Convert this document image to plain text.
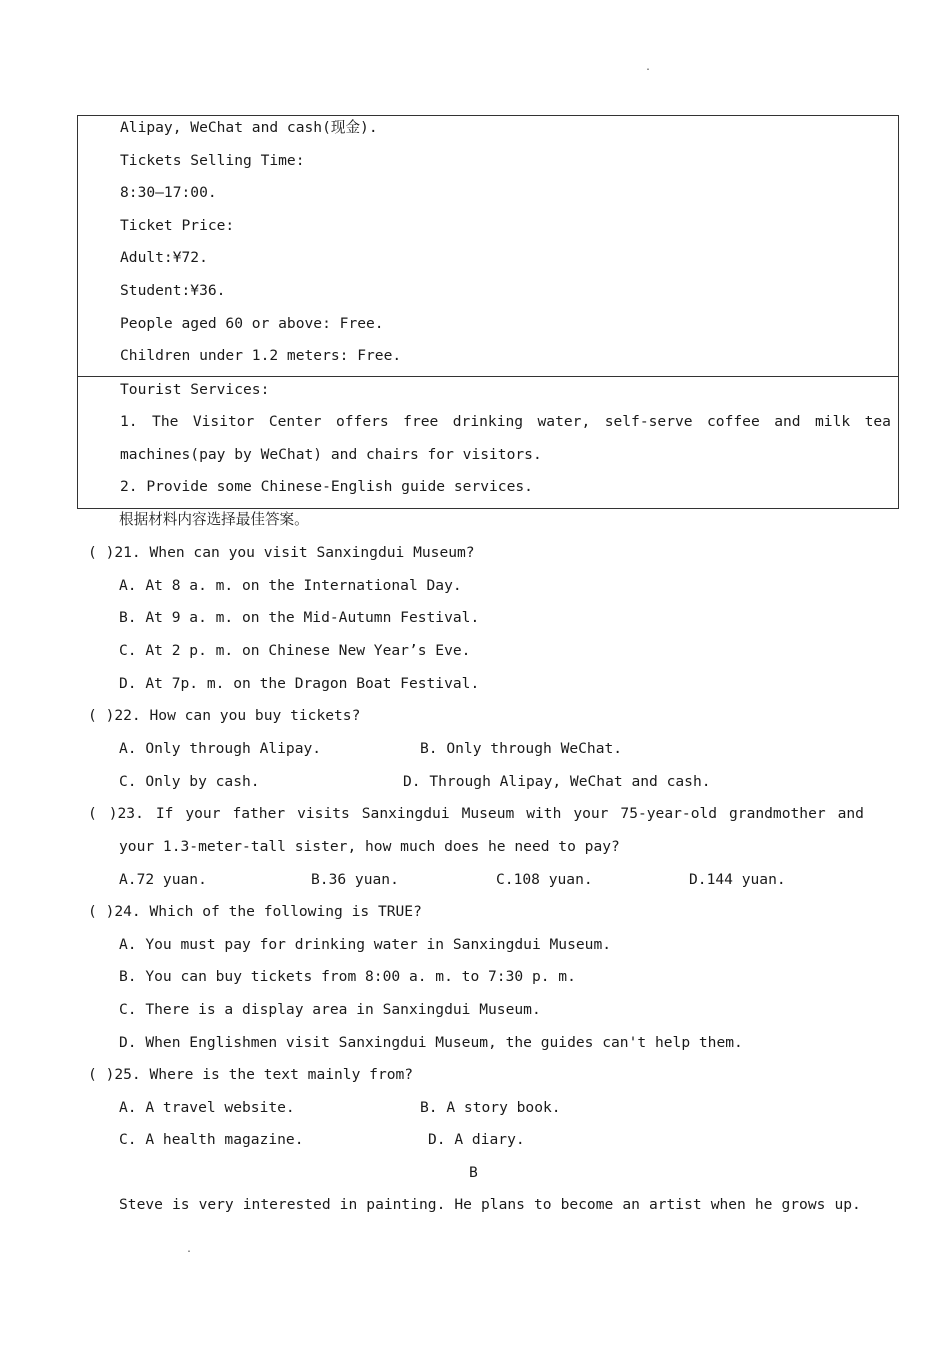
.
Alipay, WeChat and cash(现金).
Tickets Selling Time:
8:30—17:00.
Ticket Price:
Adult:¥72.
Student:¥36.
People aged 60 or above: Free.
Children under 1.2 meters: Free.
Tourist Services:
1. The Visitor Center offers free drinking water, self-serve coffee and milk tea
machines(pay by WeChat) and chairs for visitors.
2. Provide some Chinese-English guide services.
根据材料内容选择最佳答案。
( )21. When can you visit Sanxingdui Museum?
A. At 8 a. m. on the International Day.
B. At 9 a. m. on the Mid-Autumn Festival.
C. At 2 p. m. on Chinese New Year’s Eve.
D. At 7p. m. on the Dragon Boat Festival.
( )22. How can you buy tickets?
A. Only through Alipay.	B. Only through WeChat.
C. Only by cash.	D. Through Alipay, WeChat and cash.
( )23. If your father visits Sanxingdui Museum with your 75-year-old grandmother and
your 1.3-meter-tall sister, how much does he need to pay?
A.72 yuan.	B.36 yuan.	C.108 yuan.	D.144 yuan.
( )24. Which of the following is TRUE?
A. You must pay for drinking water in Sanxingdui Museum.
B. You can buy tickets from 8:00 a. m. to 7:30 p. m.
C. There is a display area in Sanxingdui Museum.
D. When Englishmen visit Sanxingdui Museum, the guides can't help them.
( )25. Where is the text mainly from?
A. A travel website.	B. A story book.
C. A health magazine.	D. A diary.
B
Steve is very interested in painting. He plans to become an artist when he grows up.
.
